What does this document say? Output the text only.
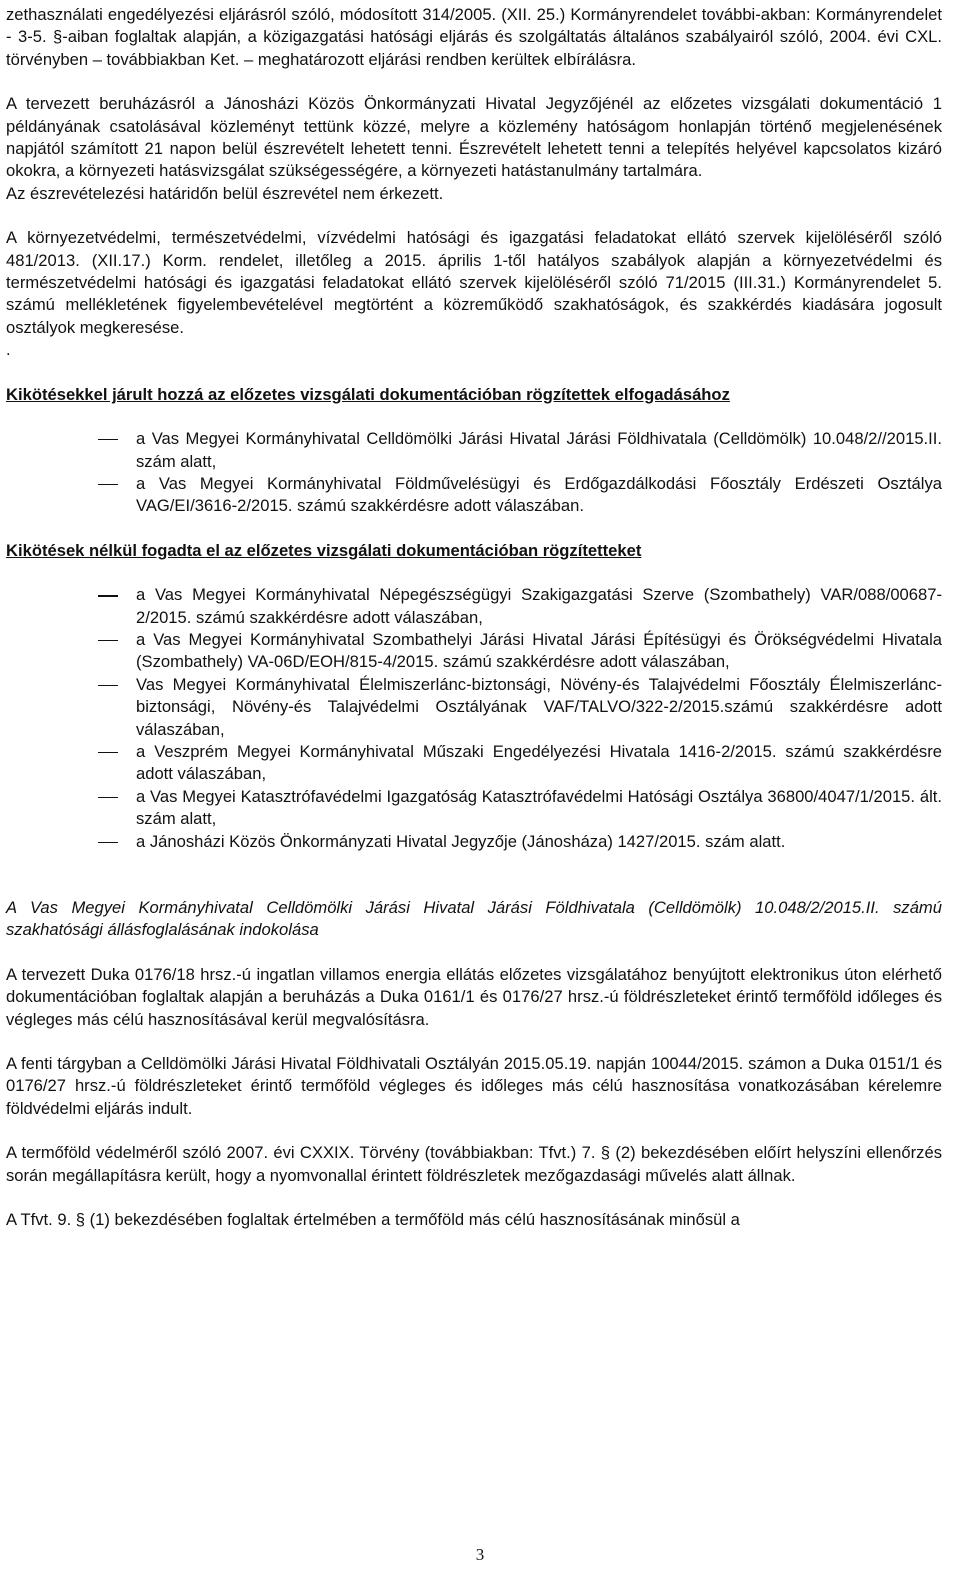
zethasználati engedélyezési eljárásról szóló, módosított 314/2005. (XII. 25.) Kormányrendelet további-akban: Kormányrendelet - 3-5. §-aiban foglaltak alapján, a közigazgatási hatósági eljárás és szolgáltatás általános szabályairól szóló, 2004. évi CXL. törvényben – továbbiakban Ket. – meghatározott eljárási rendben kerültek elbírálásra.

A tervezett beruházásról a Jánosházi Közös Önkormányzati Hivatal Jegyzőjénél az előzetes vizsgálati dokumentáció 1 példányának csatolásával közleményt tettünk közzé, melyre a közlemény hatóságom honlapján történő megjelenésének napjától számított 21 napon belül észrevételt lehetett tenni. Észrevételt lehetett tenni a telepítés helyével kapcsolatos kizáró okokra, a környezeti hatásvizsgálat szükségességére, a környezeti hatástanulmány tartalmára.

Az észrevételezési határidőn belül észrevétel nem érkezett.

A környezetvédelmi, természetvédelmi, vízvédelmi hatósági és igazgatási feladatokat ellátó szervek kijelöléséről szóló 481/2013. (XII.17.) Korm. rendelet, illetőleg a 2015. április 1-től hatályos szabályok alapján a környezetvédelmi és természetvédelmi hatósági és igazgatási feladatokat ellátó szervek kijelöléséről szóló 71/2015 (III.31.) Kormányrendelet 5. számú mellékletének figyelembevételével megtörtént a közreműködő szakhatóságok, és szakkérdés kiadására jogosult osztályok megkeresése.

.

Kikötésekkel járult hozzá az előzetes vizsgálati dokumentációban rögzítettek elfogadásához

a Vas Megyei Kormányhivatal Celldömölki Járási Hivatal Járási Földhivatala (Celldömölk) 10.048/2//2015.II. szám alatt,
a Vas Megyei Kormányhivatal Földművelésügyi és Erdőgazdálkodási Főosztály Erdészeti Osztálya VAG/EI/3616-2/2015. számú szakkérdésre adott válaszában.

Kikötések nélkül fogadta el az előzetes vizsgálati dokumentációban rögzítetteket

a Vas Megyei Kormányhivatal Népegészségügyi Szakigazgatási Szerve (Szombathely) VAR/088/00687-2/2015. számú szakkérdésre adott válaszában,
a Vas Megyei Kormányhivatal Szombathelyi Járási Hivatal Járási Építésügyi és Örökségvédelmi Hivatala (Szombathely) VA-06D/EOH/815-4/2015. számú szakkérdésre adott válaszában,
Vas Megyei Kormányhivatal Élelmiszerlánc-biztonsági, Növény-és Talajvédelmi Főosztály Élelmiszerlánc-biztonsági, Növény-és Talajvédelmi Osztályának VAF/TALVO/322-2/2015.számú szakkérdésre adott válaszában,
a Veszprém Megyei Kormányhivatal Műszaki Engedélyezési Hivatala 1416-2/2015. számú szakkérdésre adott válaszában,
a Vas Megyei Katasztrófavédelmi Igazgatóság Katasztrófavédelmi Hatósági Osztálya 36800/4047/1/2015. ált. szám alatt,
a Jánosházi Közös Önkormányzati Hivatal Jegyzője (Jánosháza) 1427/2015. szám alatt.

A Vas Megyei Kormányhivatal Celldömölki Járási Hivatal Járási Földhivatala (Celldömölk) 10.048/2/2015.II. számú szakhatósági állásfoglalásának indokolása

A tervezett Duka 0176/18 hrsz.-ú ingatlan villamos energia ellátás előzetes vizsgálatához benyújtott elektronikus úton elérhető dokumentációban foglaltak alapján a beruházás a Duka 0161/1 és 0176/27 hrsz.-ú földrészleteket érintő termőföld időleges és végleges más célú hasznosításával kerül megvalósításra.

A fenti tárgyban a Celldömölki Járási Hivatal Földhivatali Osztályán 2015.05.19. napján 10044/2015. számon a Duka 0151/1 és 0176/27 hrsz.-ú földrészleteket érintő termőföld végleges és időleges más célú hasznosítása vonatkozásában kérelemre földvédelmi eljárás indult.

A termőföld védelméről szóló 2007. évi CXXIX. Törvény (továbbiakban: Tfvt.) 7. § (2) bekezdésében előírt helyszíni ellenőrzés során megállapításra került, hogy a nyomvonallal érintett földrészletek mezőgazdasági művelés alatt állnak.

A Tfvt. 9. § (1) bekezdésében foglaltak értelmében a termőföld más célú hasznosításának minősül a

3
